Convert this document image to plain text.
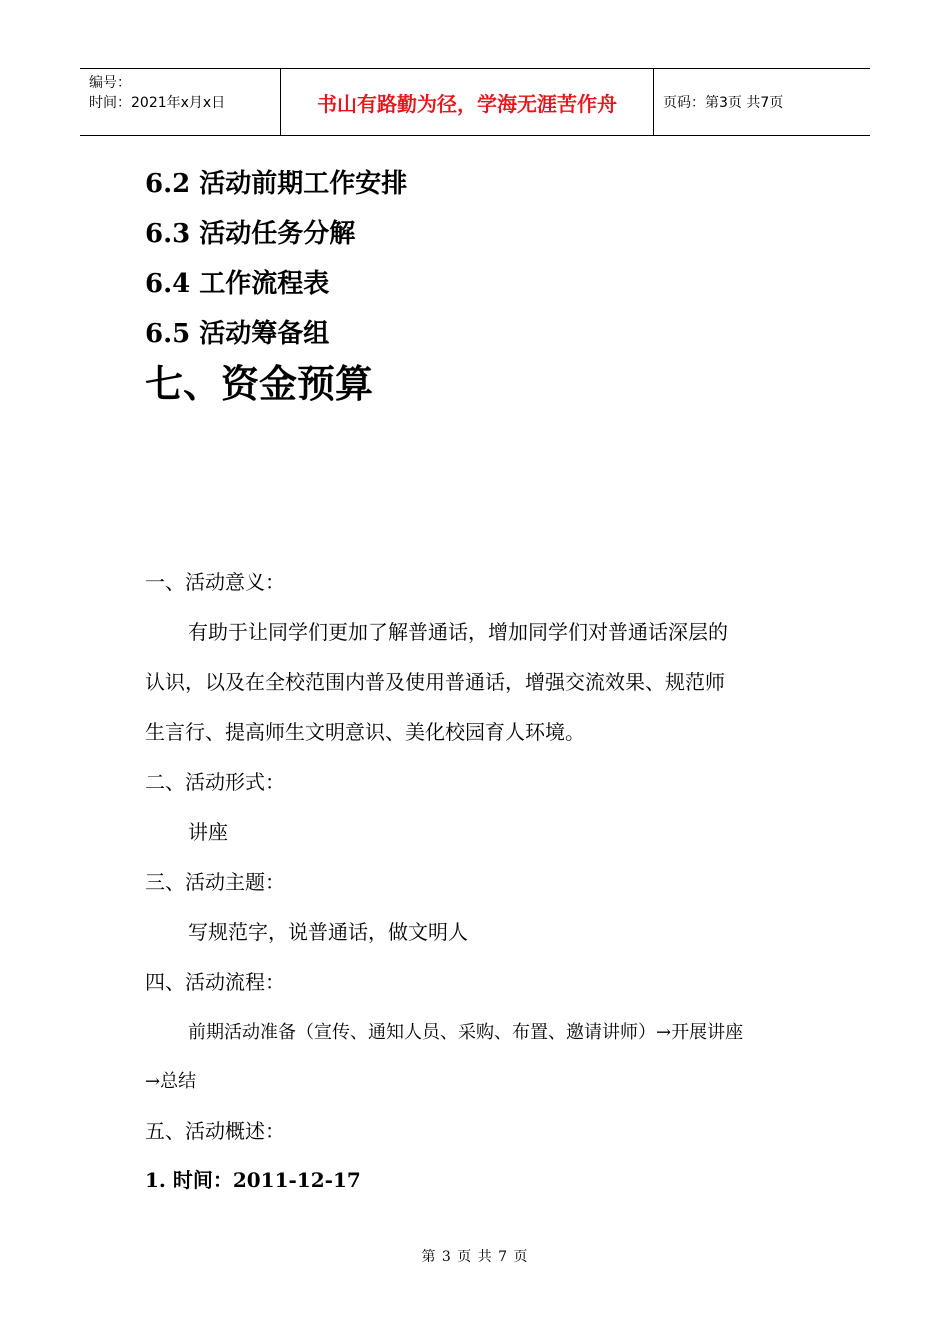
编号：
时间：2021年x月x日	书山有路勤为径，学海无涯苦作舟	页码：第3页 共7页
6.2 活动前期工作安排
6.3 活动任务分解
6.4 工作流程表
6.5 活动筹备组
七、资金预算
一、活动意义：
有助于让同学们更加了解普通话，增加同学们对普通话深层的
认识，以及在全校范围内普及使用普通话，增强交流效果、规范师
生言行、提高师生文明意识、美化校园育人环境。
二、活动形式：
讲座
三、活动主题：
写规范字，说普通话，做文明人
四、活动流程：
前期活动准备（宣传、通知人员、采购、布置、邀请讲师）→开展讲座
→总结
五、活动概述：
1. 时间：2011-12-17
第 3 页 共 7 页
